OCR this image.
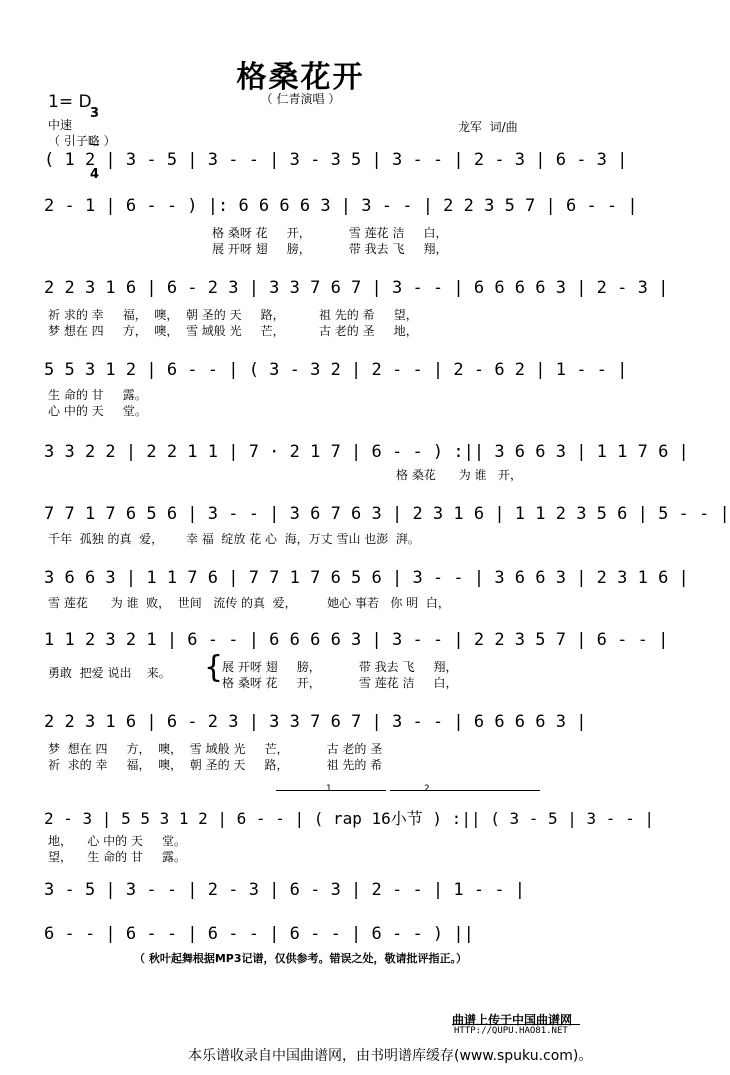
格桑花开
（ 仁青演唱 ）
1= D

3

4

中速
（ 引子略 ）
龙军  词/曲
( 1 2 | 3 - 5 | 3 - - | 3 - 3 5 | 3 - - | 2 - 3 | 6 - 3 |
2 - 1 | 6 - - ) |: 6 6 6 6 3 | 3 - - | 2 2 3 5 7 | 6 - - |
格 桑呀 花     开，          雪 莲花 洁     白，
展 开呀 翅     膀，          带 我去 飞     翔，
2 2 3 1 6 | 6 - 2 3 | 3 3 7 6 7 | 3 - - | 6 6 6 6 3 | 2 - 3 |
祈 求的 幸     福，  噢，  朝 圣的 天     路，         祖 先的 希     望，
梦 想在 四     方，  噢，  雪 域般 光     芒，         古 老的 圣     地，
5 5 3 1 2 | 6 - - | ( 3 - 3 2 | 2 - - | 2 - 6 2 | 1 - - |
生 命的 甘     露。
心 中的 天     堂。
3 3 2 2 | 2 2 1 1 | 7 · 2 1 7 | 6 - - ) :|| 3 6 6 3 | 1 1 7 6 |
格 桑花      为 谁   开，
7 7 1 7 6 5 6 | 3 - - | 3 6 7 6 3 | 2 3 1 6 | 1 1 2 3 5 6 | 5 - - |
千年  孤独 的真  爱，      幸 福  绽放 花 心  海，万丈 雪山 也澎  湃。
3 6 6 3 | 1 1 7 6 | 7 7 1 7 6 5 6 | 3 - - | 3 6 6 3 | 2 3 1 6 |
雪 莲花      为 谁  败，  世间   流传 的真  爱，        她心 事若   你 明  白，
1 1 2 3 2 1 | 6 - - | 6 6 6 6 3 | 3 - - | 2 2 3 5 7 | 6 - - |
勇敢  把爱 说出    来。 {
展 开呀 翅     膀，          带 我去 飞     翔，
格 桑呀 花     开，          雪 莲花 洁     白，
2 2 3 1 6 | 6 - 2 3 | 3 3 7 6 7 | 3 - - | 6 6 6 6 3 |
梦  想在 四     方，  噢，  雪 域般 光     芒，          古 老的 圣
祈  求的 幸     福，  噢，  朝 圣的 天     路，          祖 先的 希
1	2
2 - 3 | 5 5 3 1 2 | 6 - - | ( rap 16小节 ) :|| ( 3 - 5 | 3 - - |
地，    心 中的 天     堂。
望，    生 命的 甘     露。
3 - 5 | 3 - - | 2 - 3 | 6 - 3 | 2 - - | 1 - - |
6 - - | 6 - - | 6 - - | 6 - - | 6 - - ) ||
（ 秋叶起舞根据MP3记谱，仅供参考。错误之处，敬请批评指正。）
曲谱上传于中国曲谱网
HTTP://QUPU.HAO81.NET
本乐谱收录自中国曲谱网，由书明谱库缓存(www.spuku.com)。
